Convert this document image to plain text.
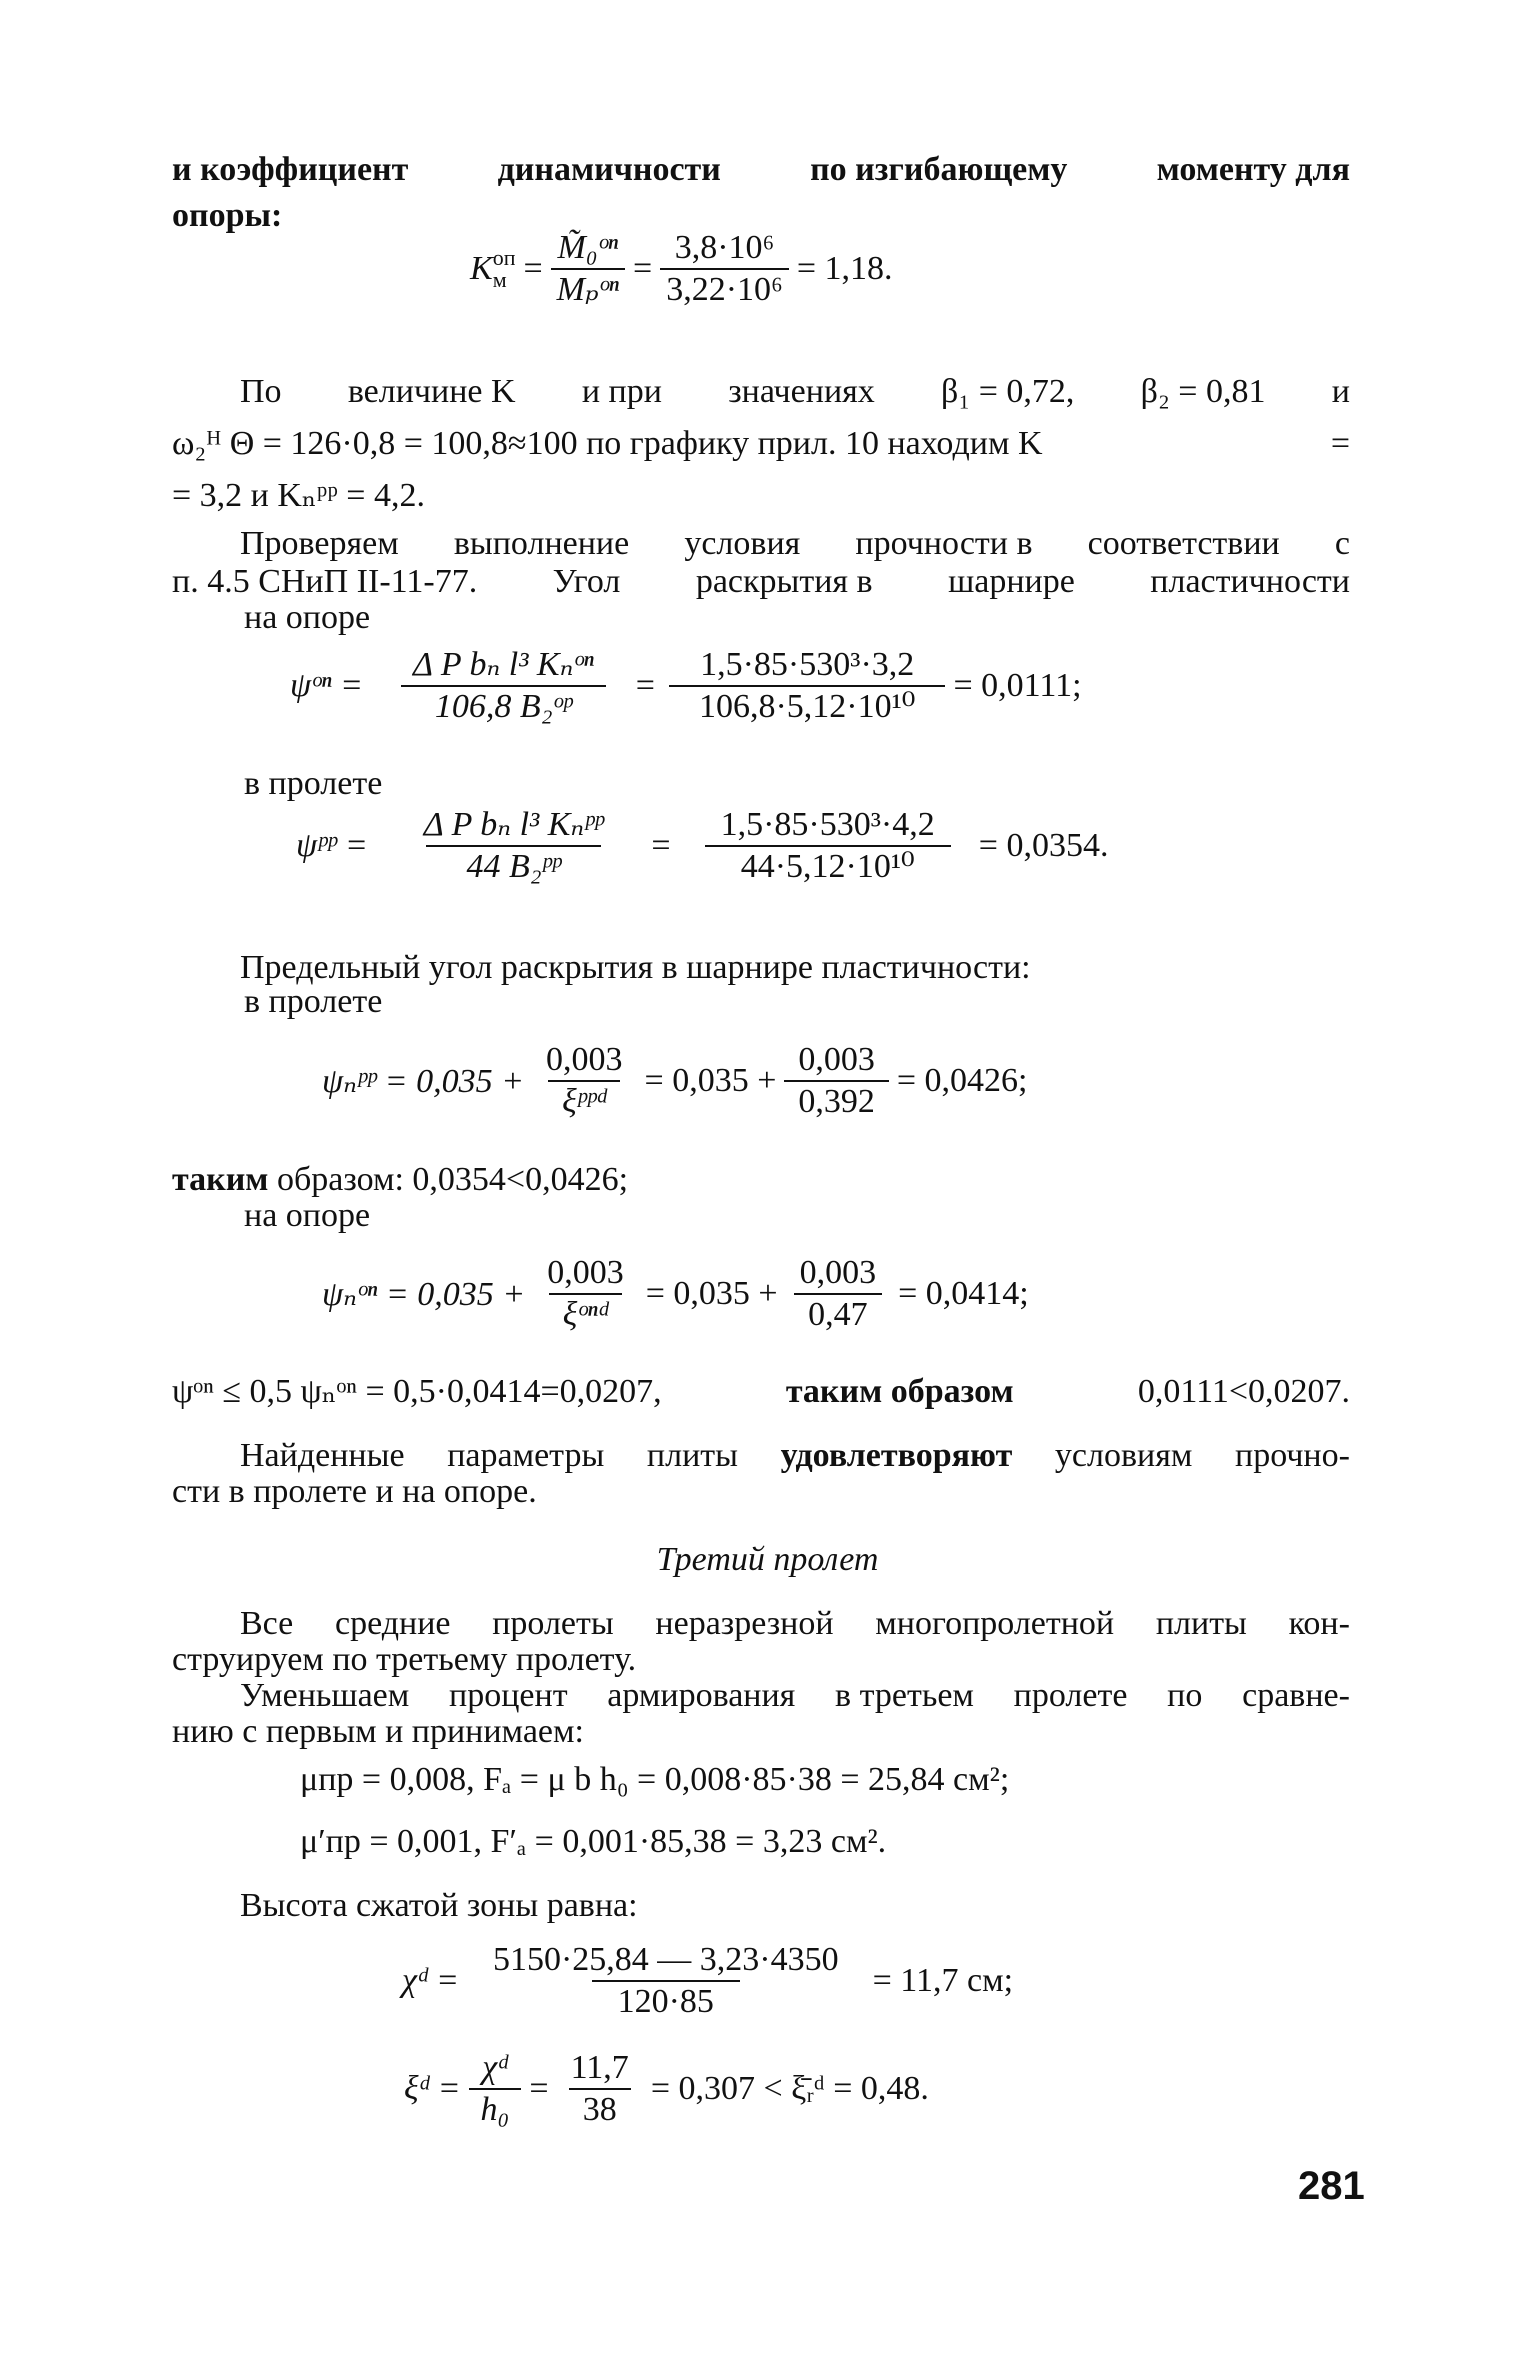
и коэффициент	динамичности	по изгибающему	моменту для
опоры:
K оп
$м = \frac{\text{M̃₀ᵒⁿ}}{\text{Mₚᵒⁿ}} = \frac{\text{3,8·10⁶}}{\text{3,22·10⁶}} = 1,18$.
По величине K и при значениях β₁ = 0,72, β₂ = 0,81 и
ω₂ᴴ Θ = 126·0,8 = 100,8≈100 по графику прил. 10 находим K	=
= 3,2 и Kₙᵖᵖ = 4,2.
Проверяем выполнение условия прочности в соответствии с
п. 4.5 СНиП II-11-77. Угол раскрытия в шарнире пластичности
на опоре
ψᵒⁿ = $\frac{\text{Δ P bₙ l³ Kₙᵒⁿ}}{\text{106,8 B₂ᵒᵖ}} = \frac{\text{1,5·85·530³·3,2}}{\text{106,8·5,12·10¹⁰}} = 0,0111$;
в пролете
ψᵖᵖ = $\frac{\text{Δ P bₙ l³ Kₙᵖᵖ}}{\text{44 B₂ᵖᵖ}} = \frac{\text{1,5·85·530³·4,2}}{\text{44·5,12·10¹⁰}} = 0,0354$.
Предельный угол раскрытия в шарнире пластичности:
в пролете
ψₙᵖᵖ = $0,035 + \frac{0,003}{\text{ξᵖᵖᵈ}} = 0,035 + \frac{0,003}{0,392} = 0,0426$;
таким образом: 0,0354<0,0426;
на опоре
ψₙᵒⁿ = $0,035 + \frac{0,003}{\text{ξᵒⁿᵈ}} = 0,035 + \frac{0,003}{0,47} = 0,0414$;
ψᵒⁿ ≤ 0,5 ψₙᵒⁿ = 0,5·0,0414=0,0207,	таким образом	0,0111<0,0207.
Найденные параметры плиты удовлетворяют условиям прочно-
сти в пролете и на опоре.
Третий пролет
Все средние пролеты неразрезной многопролетной плиты кон-
струируем по третьему пролету.
Уменьшаем процент армирования в третьем пролете по сравне-
нию с первым и принимаем:
μпр = 0,008, Fₐ = μ b h₀ = 0,008·85·38 = 25,84 см²;
μ′пр = 0,001, F′ₐ = 0,001·85,38 = 3,23 см².
Высота сжатой зоны равна:
χᵈ = $\frac{5150\cdot 25,84 — 3,23\cdot 4350}{120\cdot 85} = 11,7$ см;
ξᵈ = $\frac{\text{χᵈ}}{\text{h₀}} = \frac{11,7}{38} = 0,307$ < ξ̄ᵣᵈ = 0,48.
281
